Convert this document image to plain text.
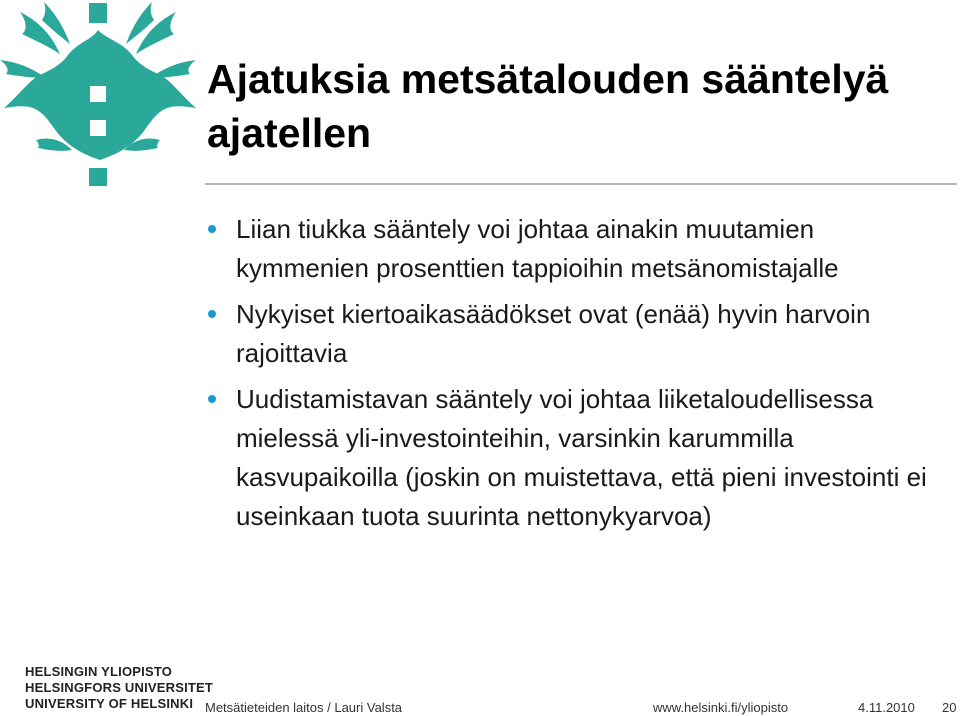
Ajatuksia metsätalouden sääntelyä ajatellen
Liian tiukka sääntely voi johtaa ainakin muutamien kymmenien prosenttien tappioihin metsänomistajalle
Nykyiset kiertoaikasäädökset ovat (enää) hyvin harvoin rajoittavia
Uudistamistavan sääntely voi johtaa liiketaloudellisessa mielessä yli-investointeihin, varsinkin karummilla kasvupaikoilla (joskin on muistettava, että pieni investointi ei useinkaan tuota suurinta nettonykyarvoa)
HELSINGIN YLIOPISTO
HELSINGFORS UNIVERSITET
UNIVERSITY OF HELSINKI Metsätieteiden laitos / Lauri Valsta	www.helsinki.fi/yliopisto	4.11.2010 20
